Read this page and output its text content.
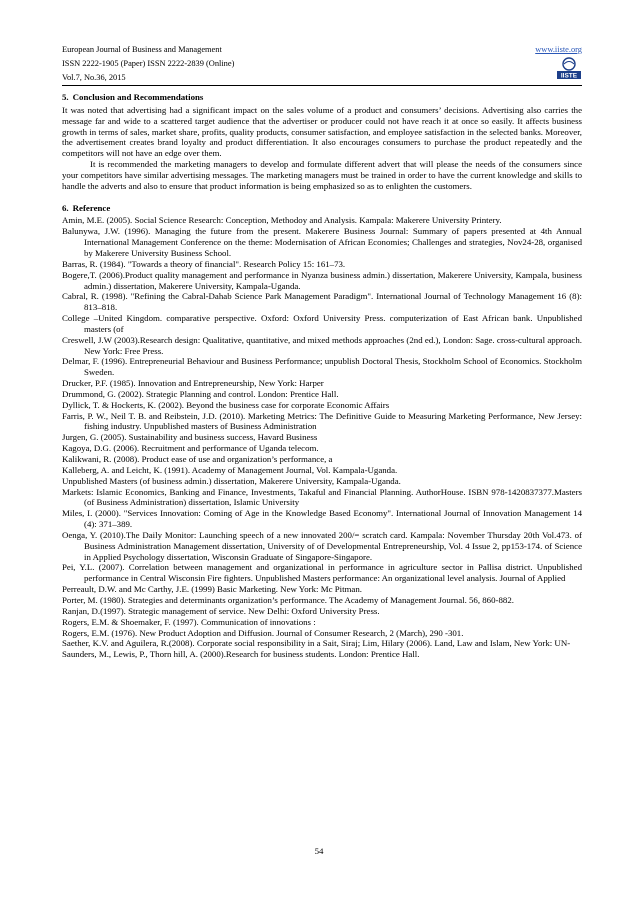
European Journal of Business and Management
ISSN 2222-1905 (Paper) ISSN 2222-2839 (Online)
Vol.7, No.36, 2015
www.iiste.org
IISTE
5. Conclusion and Recommendations

It was noted that advertising had a significant impact on the sales volume of a product and consumers’ decisions. Advertising also carries the message far and wide to a scattered target audience that the advertiser or producer could not have reach it at once so easily. It affects business growth in terms of sales, market share, profits, quality products, consumer satisfaction, and employee satisfaction in the selected banks. Moreover, the advertisement creates brand loyalty and product differentiation. It also encourages consumers to purchase the product repeatedly and the competitors will not have an edge over them.

It is recommended the marketing managers to develop and formulate different advert that will please the needs of the consumers since your competitors have similar advertising messages. The marketing managers must be trained in order to have the current knowledge and skills to handle the adverts and also to ensure that product information is being emphasized so as to enlighten the customers.

6. Reference
Amin, M.E. (2005). Social Science Research: Conception, Methodoy and Analysis. Kampala: Makerere University Printery.
Balunywa, J.W. (1996). Managing the future from the present. Makerere Business Journal: Summary of papers presented at 4th Annual International Management Conference on the theme: Modernisation of African Economies; Challenges and strategies, Nov24-28, organised by Makerere University Business School.
Barras, R. (1984). "Towards a theory of financial". Research Policy 15: 161–73.
Bogere,T. (2006).Product quality management and performance in Nyanza business admin.) dissertation, Makerere University, Kampala, business admin.) dissertation, Makerere University, Kampala-Uganda.
Cabral, R. (1998). "Refining the Cabral-Dahab Science Park Management Paradigm". International Journal of Technology Management 16 (8): 813–818.
College –United Kingdom. comparative perspective. Oxford: Oxford University Press. computerization of East African bank. Unpublished masters (of
Creswell, J.W (2003).Research design: Qualitative, quantitative, and mixed methods approaches (2nd ed.), London: Sage. cross-cultural approach. New York: Free Press.
Delmar, F. (1996). Entrepreneurial Behaviour and Business Performance; unpublish Doctoral Thesis, Stockholm School of Economics. Stockholm Sweden.
Drucker, P.F. (1985). Innovation and Entrepreneurship, New York: Harper
Drummond, G. (2002). Strategic Planning and control. London: Prentice Hall.
Dyllick, T. & Hockerts, K. (2002). Beyond the business case for corporate Economic Affairs
Farris, P. W., Neil T. B. and Reibstein, J.D. (2010). Marketing Metrics: The Definitive Guide to Measuring Marketing Performance, New Jersey: fishing industry. Unpublished masters of Business Administration
Jurgen, G. (2005). Sustainability and business success, Havard Business
Kagoya, D.G. (2006). Recruitment and performance of Uganda telecom.
Kalikwani, R. (2008). Product ease of use and organization’s performance, a
Kalleberg, A. and Leicht, K. (1991). Academy of Management Journal, Vol. Kampala-Uganda.
Unpublished Masters (of business admin.) dissertation, Makerere University, Kampala-Uganda.
Markets: Islamic Economics, Banking and Finance, Investments, Takaful and Financial Planning. AuthorHouse. ISBN 978-1420837377.Masters (of Business Administration) dissertation, Islamic University
Miles, I. (2000). "Services Innovation: Coming of Age in the Knowledge Based Economy". International Journal of Innovation Management 14 (4): 371–389.
Oenga, Y. (2010).The Daily Monitor: Launching speech of a new innovated 200/= scratch card. Kampala: November Thursday 20th Vol.473. of Business Administration Management dissertation, University of of Developmental Entrepreneurship, Vol. 4 Issue 2, pp153-174. of Science in Applied Psychology dissertation, Wisconsin Graduate of Singapore-Singapore.
Pei, Y.L. (2007). Correlation between management and organizational in performance in agriculture sector in Pallisa district. Unpublished performance in Central Wisconsin Fire fighters. Unpublished Masters performance: An organizational level analysis. Journal of Applied
Perreault, D.W. and Mc Carthy, J.E. (1999) Basic Marketing. New York: Mc Pitman.
Porter, M. (1980). Strategies and determinants organization’s performance. The Academy of Management Journal. 56, 860-882.
Ranjan, D.(1997). Strategic management of service. New Delhi: Oxford University Press.
Rogers, E.M. & Shoemaker, F. (1997). Communication of innovations :
Rogers, E.M. (1976). New Product Adoption and Diffusion. Journal of Consumer Research, 2 (March), 290 -301.
Saether, K.V. and Aguilera, R.(2008). Corporate social responsibility in a Sait, Siraj; Lim, Hilary (2006). Land, Law and Islam, New York: UN-
Saunders, M., Lewis, P., Thorn hill, A. (2000).Research for business students. London: Prentice Hall.
54
